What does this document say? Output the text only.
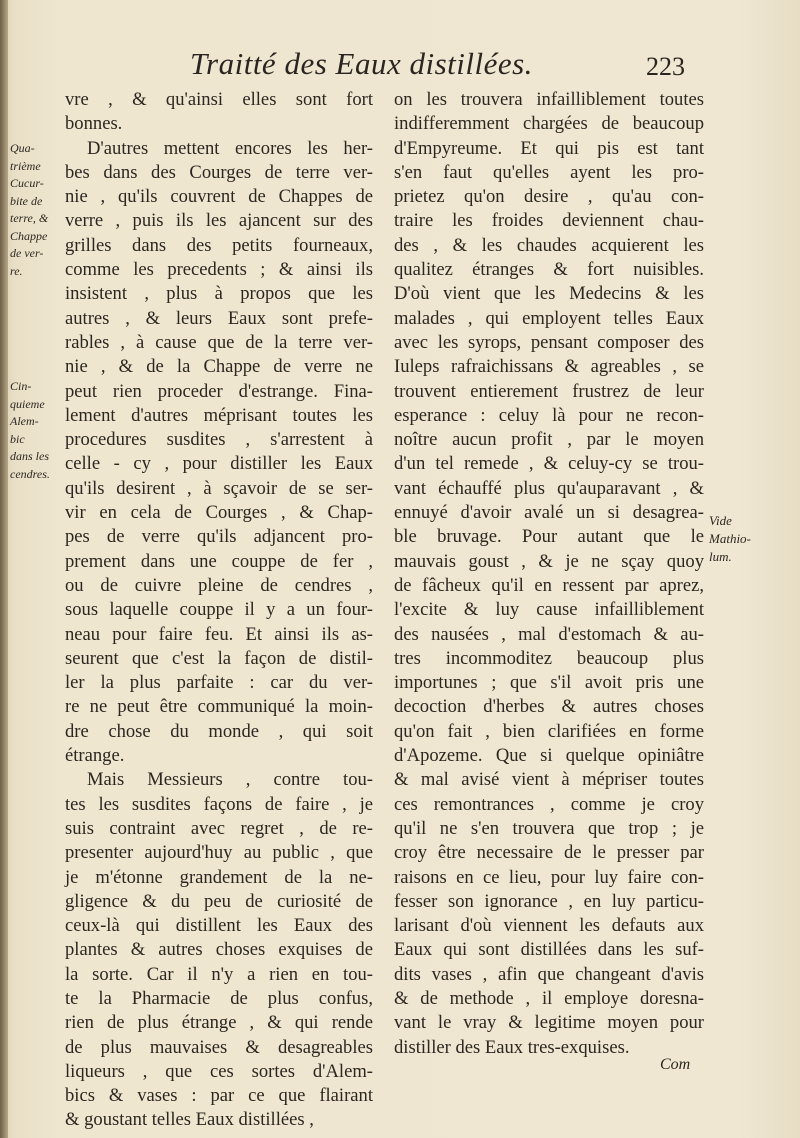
Traitté des Eaux distillées.	223
Qua-
trième
Cucur-
bite de
terre, &
Chappe
de ver-
re.
Cin-
quieme
Alem-
bic
dans les
cendres.
Vide
Mathio-
lum.
vre , & qu'ainsi elles sont fort
bonnes.
D'autres mettent encores les her-
bes dans des Courges de terre ver-
nie , qu'ils couvrent de Chappes de
verre , puis ils les ajancent sur des
grilles dans des petits fourneaux,
comme les precedents ; & ainsi ils
insistent , plus à propos que les
autres , & leurs Eaux sont prefe-
rables , à cause que de la terre ver-
nie , & de la Chappe de verre ne
peut rien proceder d'estrange. Fina-
lement d'autres méprisant toutes les
procedures susdites , s'arrestent à
celle - cy , pour distiller les Eaux
qu'ils desirent , à sçavoir de se ser-
vir en cela de Courges , & Chap-
pes de verre qu'ils adjancent pro-
prement dans une couppe de fer ,
ou de cuivre pleine de cendres ,
sous laquelle couppe il y a un four-
neau pour faire feu. Et ainsi ils as-
seurent que c'est la façon de distil-
ler la plus parfaite : car du ver-
re ne peut être communiqué la moin-
dre chose du monde , qui soit
étrange.
Mais Messieurs , contre tou-
tes les susdites façons de faire , je
suis contraint avec regret , de re-
presenter aujourd'huy au public , que
je m'étonne grandement de la ne-
gligence & du peu de curiosité de
ceux-là qui distillent les Eaux des
plantes & autres choses exquises de
la sorte. Car il n'y a rien en tou-
te la Pharmacie de plus confus,
rien de plus étrange , & qui rende
de plus mauvaises & desagreables
liqueurs , que ces sortes d'Alem-
bics & vases : par ce que flairant
& goustant telles Eaux distillées ,
on les trouvera infailliblement toutes
indifferemment chargées de beaucoup
d'Empyreume. Et qui pis est tant
s'en faut qu'elles ayent les pro-
prietez qu'on desire , qu'au con-
traire les froides deviennent chau-
des , & les chaudes acquierent les
qualitez étranges & fort nuisibles.
D'où vient que les Medecins & les
malades , qui employent telles Eaux
avec les syrops, pensant composer des
Iuleps rafraichissans & agreables , se
trouvent entierement frustrez de leur
esperance : celuy là pour ne recon-
noître aucun profit , par le moyen
d'un tel remede , & celuy-cy se trou-
vant échauffé plus qu'auparavant , &
ennuyé d'avoir avalé un si desagrea-
ble bruvage. Pour autant que le
mauvais goust , & je ne sçay quoy
de fâcheux qu'il en ressent par aprez,
l'excite & luy cause infailliblement
des nausées , mal d'estomach & au-
tres incommoditez beaucoup plus
importunes ; que s'il avoit pris une
decoction d'herbes & autres choses
qu'on fait , bien clarifiées en forme
d'Apozeme. Que si quelque opiniâtre
& mal avisé vient à mépriser toutes
ces remontrances , comme je croy
qu'il ne s'en trouvera que trop ; je
croy être necessaire de le presser par
raisons en ce lieu, pour luy faire con-
fesser son ignorance , en luy particu-
larisant d'où viennent les defauts aux
Eaux qui sont distillées dans les suf-
dits vases , afin que changeant d'avis
& de methode , il employe doresna-
vant le vray & legitime moyen pour
distiller des Eaux tres-exquises.
Com
